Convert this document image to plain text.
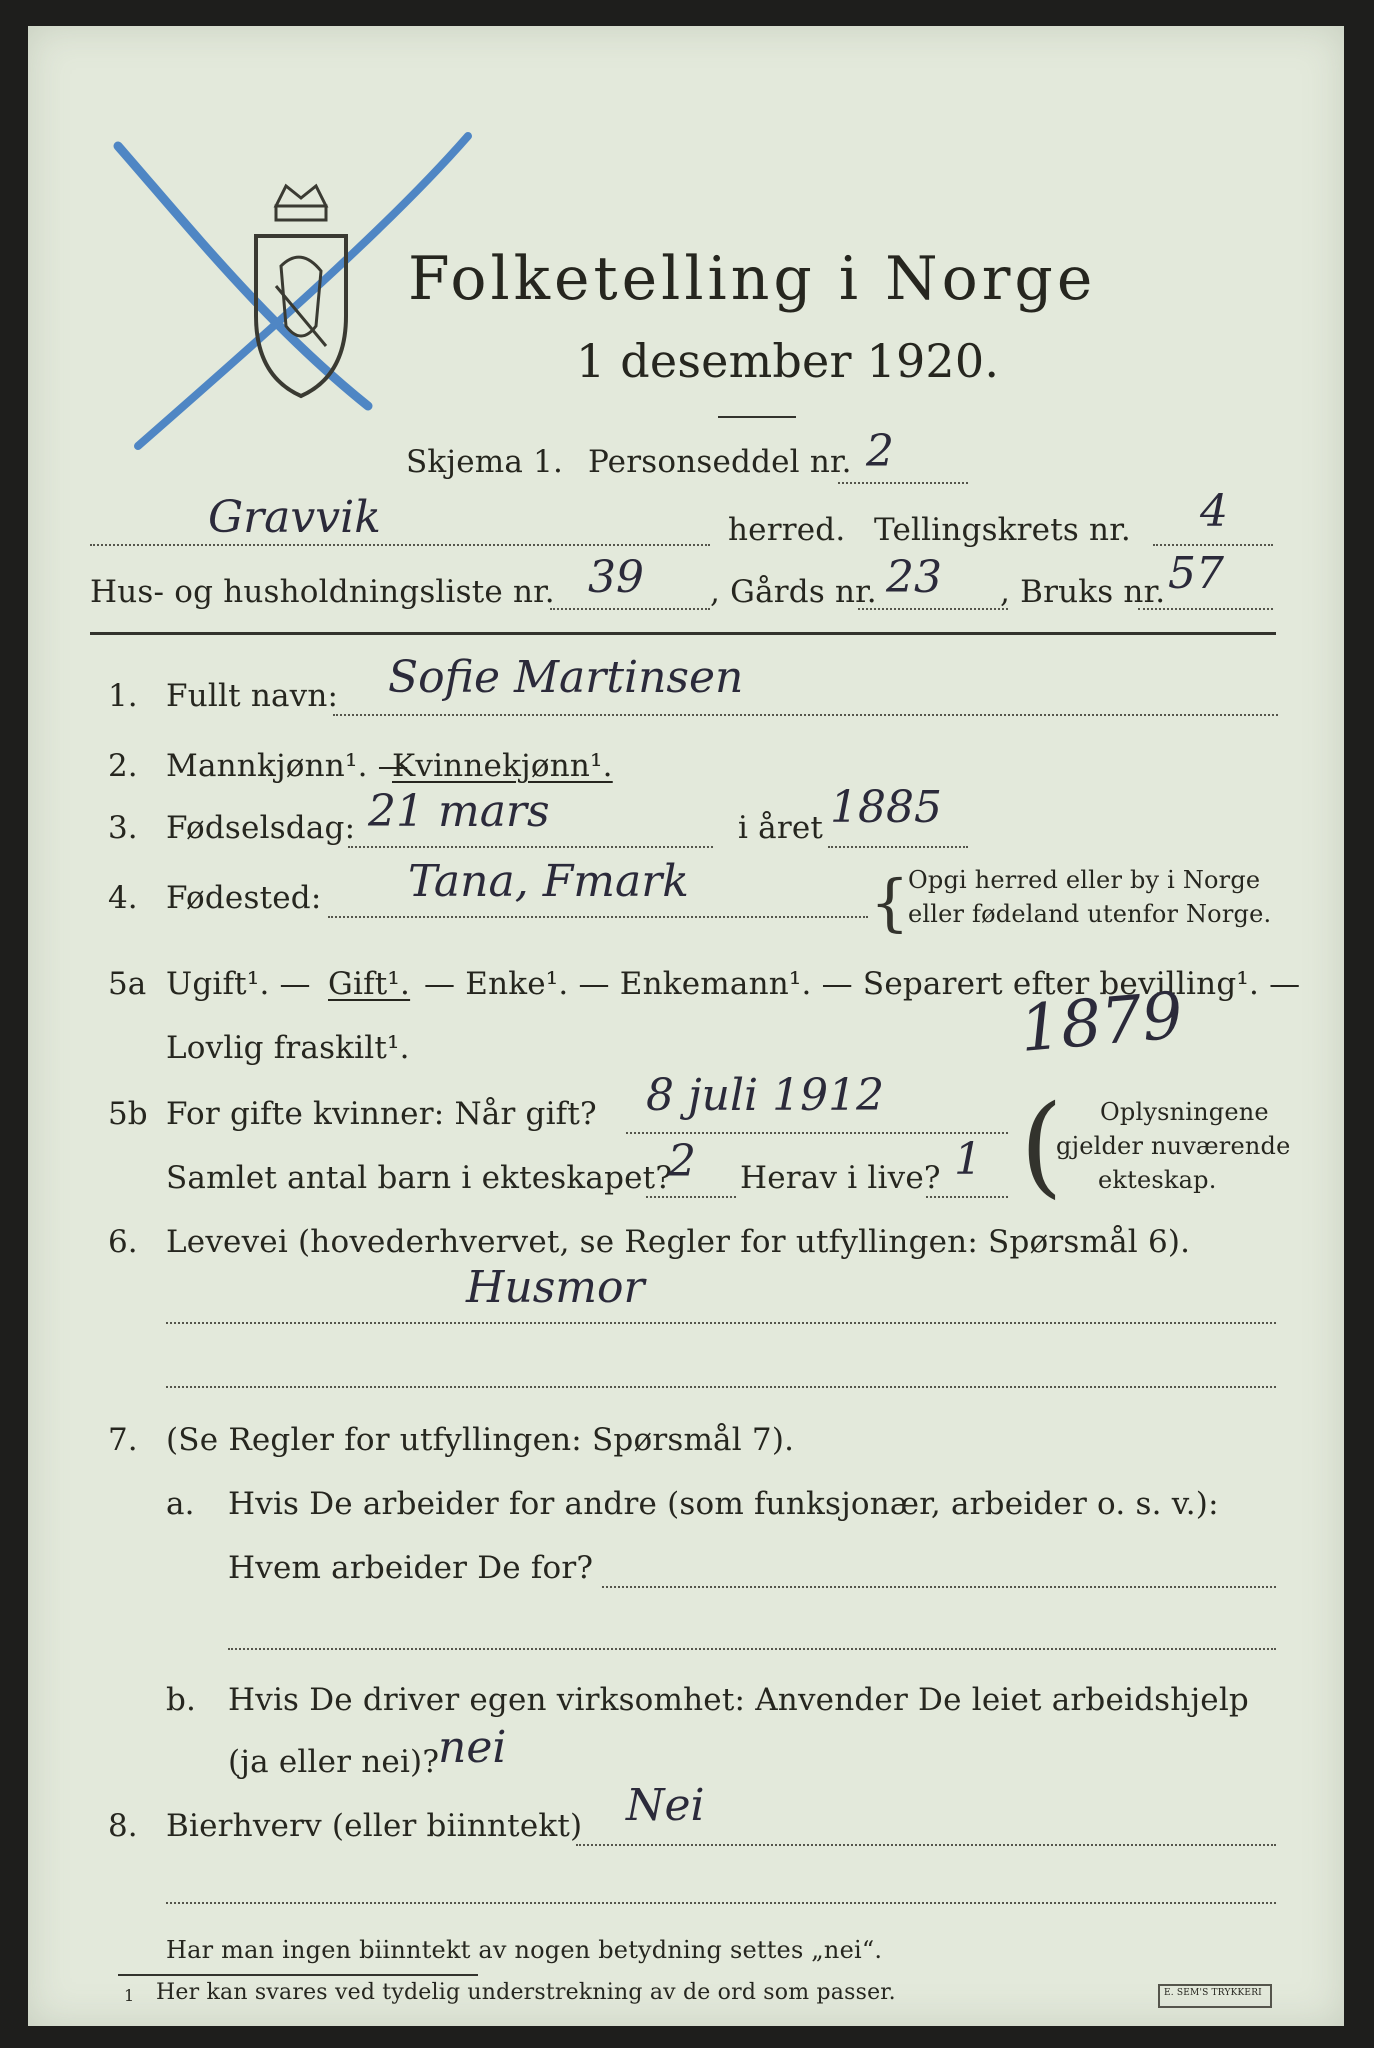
Folketelling i Norge
1 desember 1920.
Skjema 1. Personseddel nr. 2
Gravvik	herred. Tellingskrets nr. 4
Hus- og husholdningsliste nr. 39 , Gårds nr. 23 , Bruks nr. 57
1. Fullt navn: Sofie Martinsen
2. Mannkjønn¹. —
Kvinnekjønn¹.
3. Fødselsdag: 21 mars	i året 1885
4. Fødested: Tana, Fmark	{
Opgi herred eller by i Norge
eller fødeland utenfor Norge.
5a Ugift¹. — Gift¹. — Enke¹. — Enkemann¹. — Separert efter bevilling¹. —
Lovlig fraskilt¹.	1879
5b For gifte kvinner: Når gift? 8 juli 1912
Samlet antal barn i ekteskapet?
2 Herav i live? 1 ( Oplysningene
gjelder nuværende
ekteskap.
6. Levevei (hovederhvervet, se Regler for utfyllingen: Spørsmål 6).
Husmor
7. (Se Regler for utfyllingen: Spørsmål 7).
a. Hvis De arbeider for andre (som funksjonær, arbeider o. s. v.):
Hvem arbeider De for?
b. Hvis De driver egen virksomhet: Anvender De leiet arbeidshjelp
(ja eller nei)?
nei
8. Bierhverv (eller biinntekt) Nei
Har man ingen biinntekt av nogen betydning settes „nei“.
1 Her kan svares ved tydelig understrekning av de ord som passer.	E. SEM'S TRYKKERI
